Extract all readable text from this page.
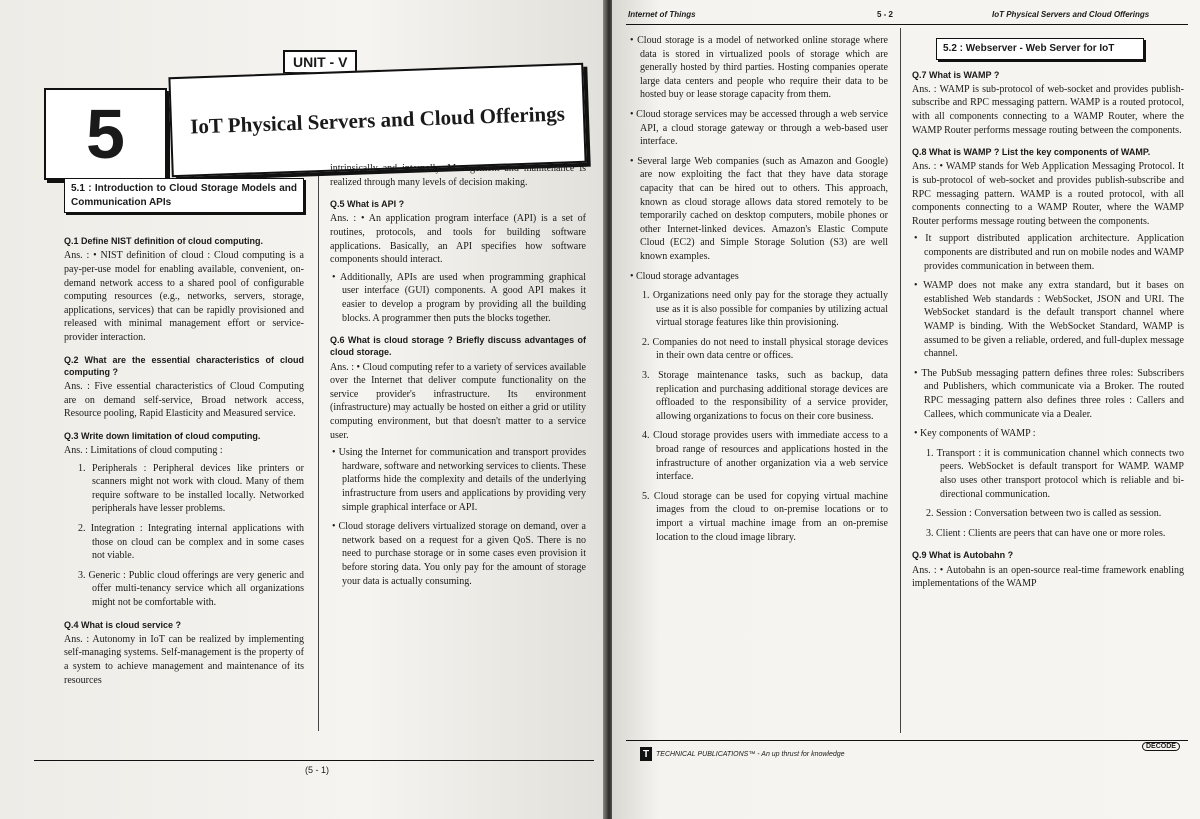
UNIT - V
5	IoT Physical Servers and Cloud Offerings
5.1 : Introduction to Cloud Storage Models and Communication APIs
Q.1 Define NIST definition of cloud computing.
Ans. : • NIST definition of cloud : Cloud computing is a pay-per-use model for enabling available, convenient, on-demand network access to a shared pool of configurable computing resources (e.g., networks, servers, storage, applications, services) that can be rapidly provisioned and released with minimal management effort or service-provider interaction.
Q.2 What are the essential characteristics of cloud computing ?
Ans. : Five essential characteristics of Cloud Computing are on demand self-service, Broad network access, Resource pooling, Rapid Elasticity and Measured service.
Q.3 Write down limitation of cloud computing.
Ans. : Limitations of cloud computing :
1. Peripherals : Peripheral devices like printers or scanners might not work with cloud. Many of them require software to be installed locally. Networked peripherals have lesser problems.
2. Integration : Integrating internal applications with those on cloud can be complex and in some cases not viable.
3. Generic : Public cloud offerings are very generic and offer multi-tenancy service which all organizations might not be comfortable with.
Q.4 What is cloud service ?
Ans. : Autonomy in IoT can be realized by implementing self-managing systems. Self-management is the property of a system to achieve management and maintenance of its resources
intrinsically and internally. Management and maintenance is realized through many levels of decision making.
Q.5 What is API ?
Ans. : • An application program interface (API) is a set of routines, protocols, and tools for building software applications. Basically, an API specifies how software components should interact.
• Additionally, APIs are used when programming graphical user interface (GUI) components. A good API makes it easier to develop a program by providing all the building blocks. A programmer then puts the blocks together.
Q.6 What is cloud storage ? Briefly discuss advantages of cloud storage.
Ans. : • Cloud computing refer to a variety of services available over the Internet that deliver compute functionality on the service provider's infrastructure. Its environment (infrastructure) may actually be hosted on either a grid or utility computing environment, but that doesn't matter to a service user.
• Using the Internet for communication and transport provides hardware, software and networking services to clients. These platforms hide the complexity and details of the underlying infrastructure from users and applications by providing very simple graphical interface or API.
• Cloud storage delivers virtualized storage on demand, over a network based on a request for a given QoS. There is no need to purchase storage or in some cases even provision it before storing data. You only pay for the amount of storage your data is actually consuming.
(5 - 1)
Internet of Things	5 - 2	IoT Physical Servers and Cloud Offerings
• Cloud storage is a model of networked online storage where data is stored in virtualized pools of storage which are generally hosted by third parties. Hosting companies operate large data centers and people who require their data to be hosted buy or lease storage capacity from them.
• Cloud storage services may be accessed through a web service API, a cloud storage gateway or through a web-based user interface.
• Several large Web companies (such as Amazon and Google) are now exploiting the fact that they have data storage capacity that can be hired out to others. This approach, known as cloud storage allows data stored remotely to be temporarily cached on desktop computers, mobile phones or other Internet-linked devices. Amazon's Elastic Compute Cloud (EC2) and Simple Storage Solution (S3) are well known examples.
• Cloud storage advantages
1. Organizations need only pay for the storage they actually use as it is also possible for companies by utilizing actual virtual storage features like thin provisioning.
2. Companies do not need to install physical storage devices in their own data centre or offices.
3. Storage maintenance tasks, such as backup, data replication and purchasing additional storage devices are offloaded to the responsibility of a service provider, allowing organizations to focus on their core business.
4. Cloud storage provides users with immediate access to a broad range of resources and applications hosted in the infrastructure of another organization via a web service interface.
5. Cloud storage can be used for copying virtual machine images from the cloud to on-premise locations or to import a virtual machine image from an on-premise location to the cloud image library.
5.2 : Webserver - Web Server for IoT
Q.7 What is WAMP ?
Ans. : WAMP is sub-protocol of web-socket and provides publish-subscribe and RPC messaging pattern. WAMP is a routed protocol, with all components connecting to a WAMP Router, where the WAMP Router performs message routing between the components.
Q.8 What is WAMP ? List the key components of WAMP.
Ans. : • WAMP stands for Web Application Messaging Protocol. It is sub-protocol of web-socket and provides publish-subscribe and RPC messaging pattern. WAMP is a routed protocol, with all components connecting to a WAMP Router, where the WAMP Router performs message routing between the components.
• It support distributed application architecture. Application components are distributed and run on mobile nodes and WAMP provides communication in between them.
• WAMP does not make any extra standard, but it bases on established Web standards : WebSocket, JSON and URI. The WebSocket standard is the default transport channel where WAMP is binding. With the WebSocket Standard, WAMP is assumed to be given a reliable, ordered, and full-duplex message channel.
• The PubSub messaging pattern defines three roles: Subscribers and Publishers, which communicate via a Broker. The routed RPC messaging pattern also defines three roles : Callers and Callees, which communicate via a Dealer.
• Key components of WAMP :
1. Transport : it is communication channel which connects two peers. WebSocket is default transport for WAMP. WAMP also uses other transport protocol which is reliable and bi-directional communication.
2. Session : Conversation between two is called as session.
3. Client : Clients are peers that can have one or more roles.
Q.9 What is Autobahn ?
Ans. : • Autobahn is an open-source real-time framework enabling implementations of the WAMP
T TECHNICAL PUBLICATIONS™ - An up thrust for knowledge
DECODE
